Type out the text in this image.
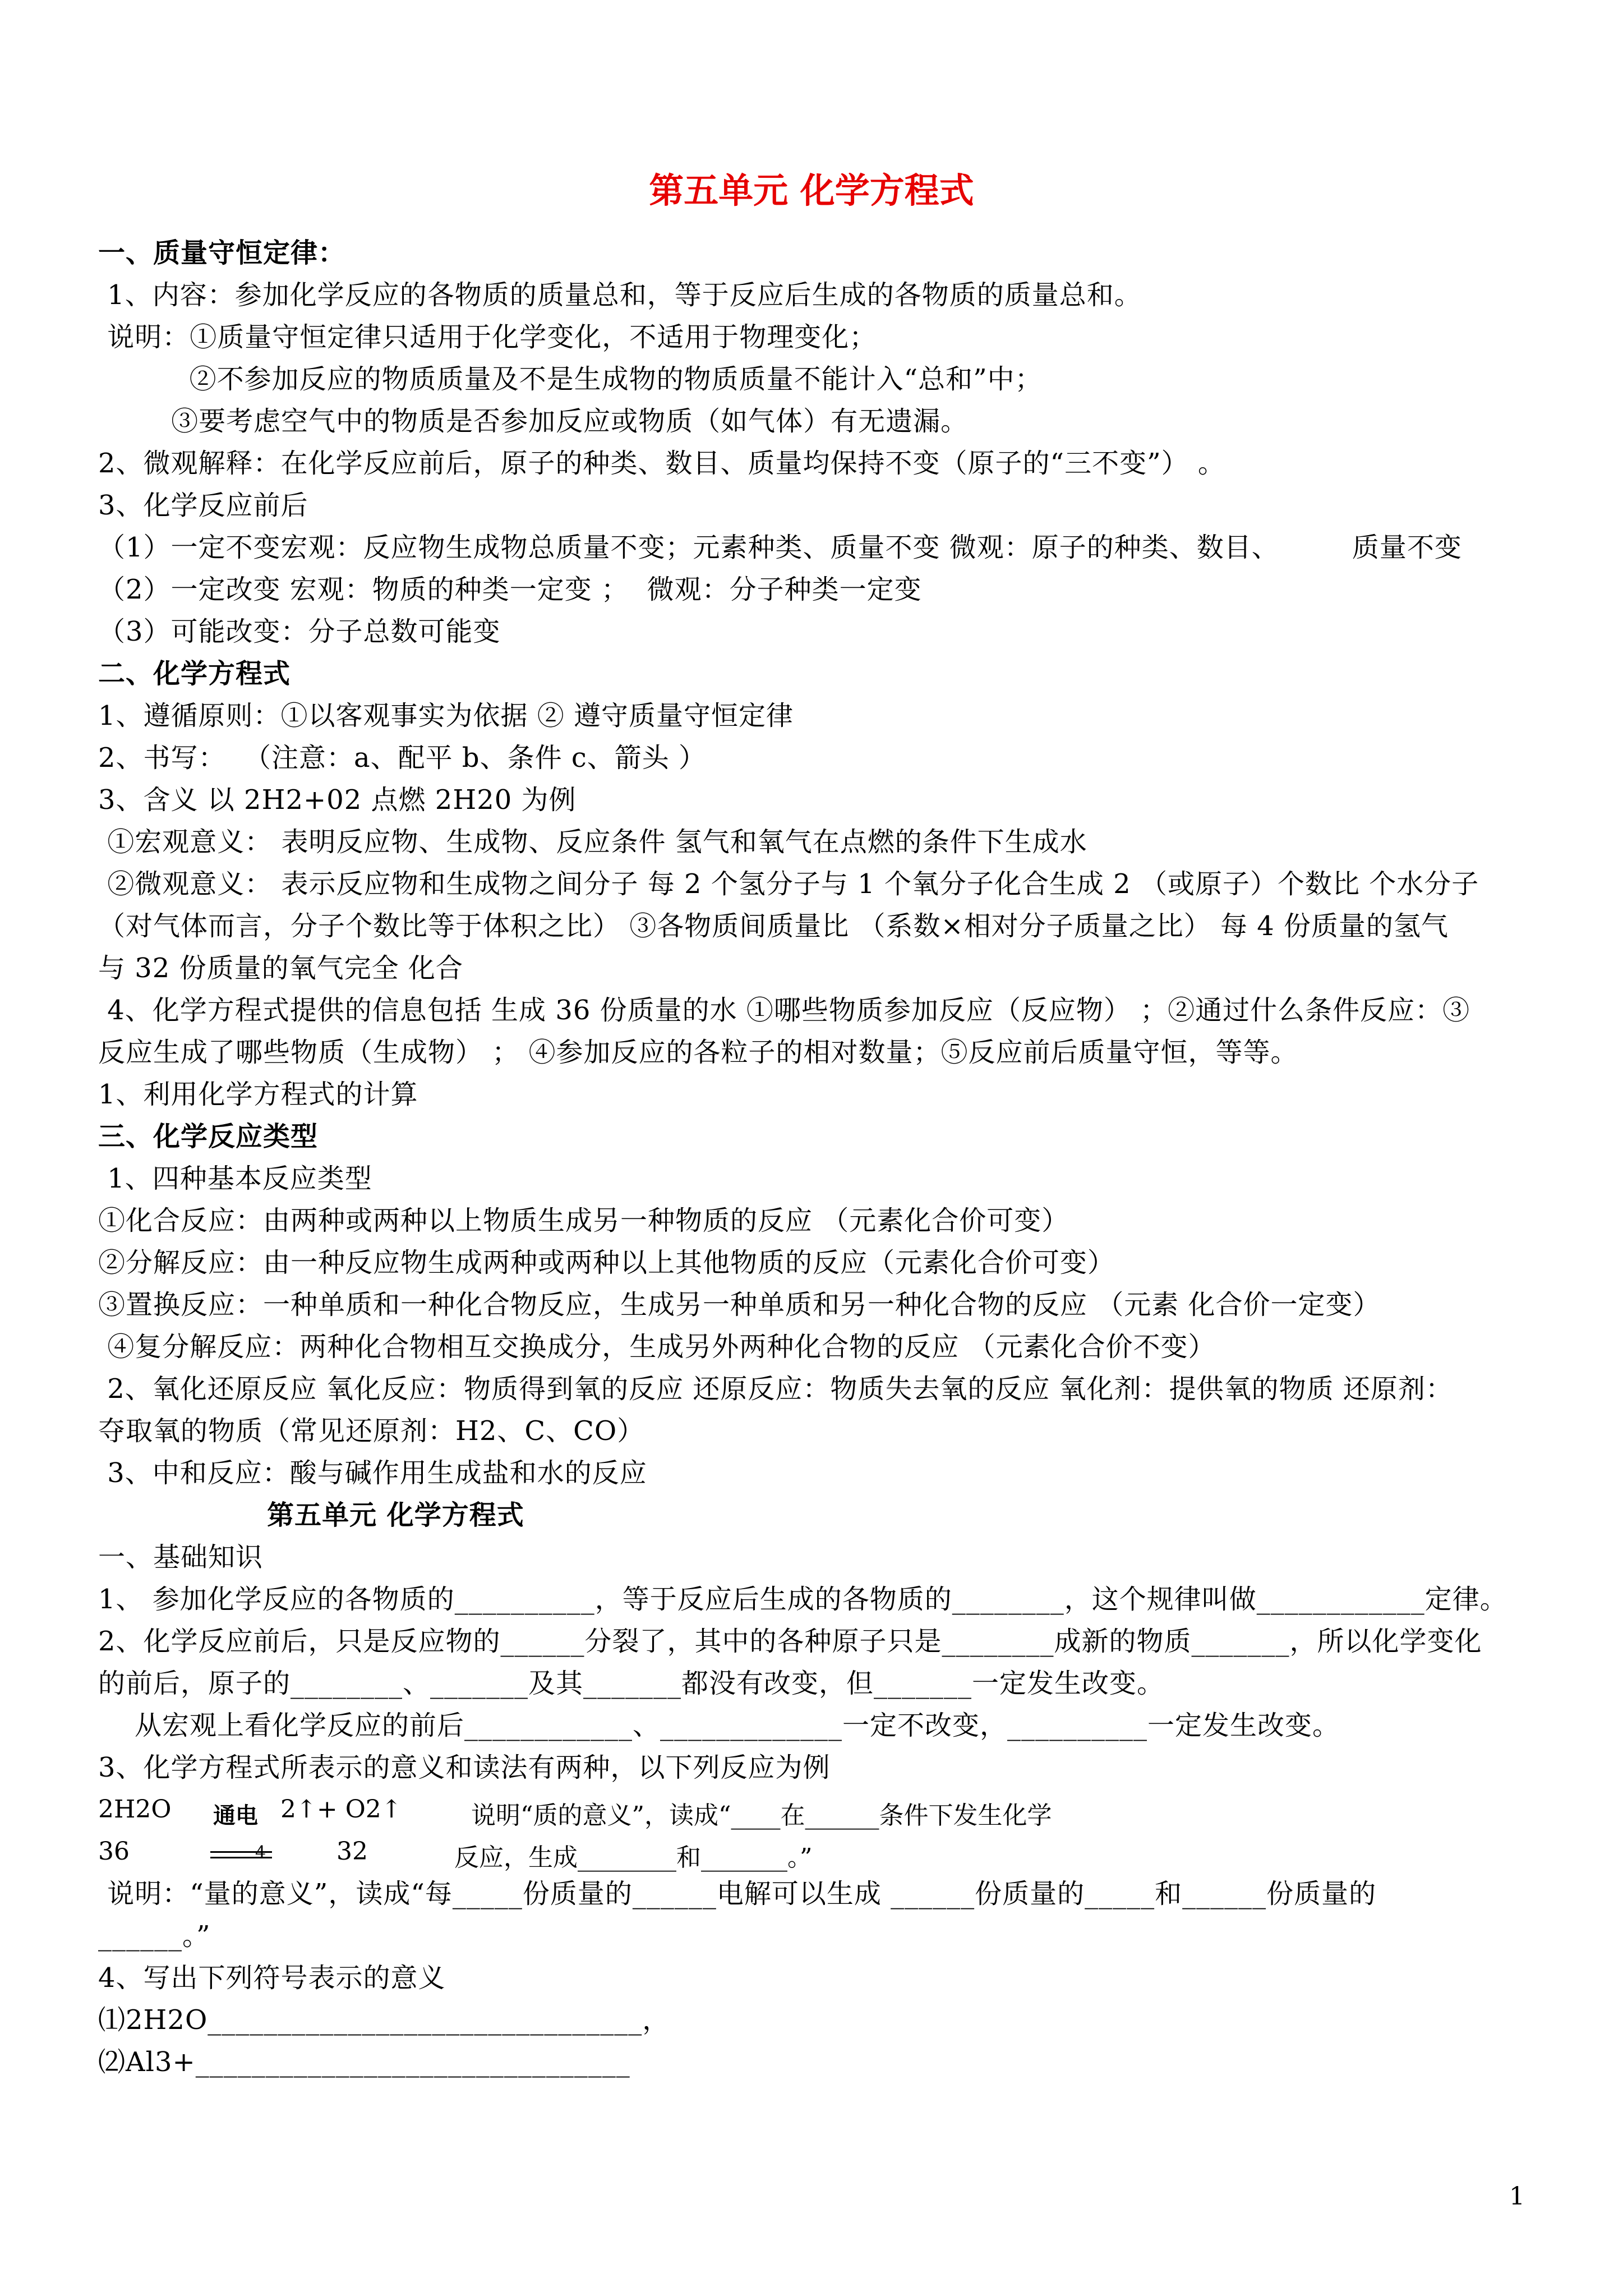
第五单元 化学方程式
一、质量守恒定律：
1、内容：参加化学反应的各物质的质量总和，等于反应后生成的各物质的质量总和。
说明：①质量守恒定律只适用于化学变化，不适用于物理变化；
②不参加反应的物质质量及不是生成物的物质质量不能计入“总和”中；
③要考虑空气中的物质是否参加反应或物质（如气体）有无遗漏。
2、微观解释：在化学反应前后，原子的种类、数目、质量均保持不变（原子的“三不变”） 。
3、化学反应前后
（1）一定不变宏观：反应物生成物总质量不变；元素种类、质量不变 微观：原子的种类、数目、        质量不变
（2）一定改变 宏观：物质的种类一定变 ；  微观：分子种类一定变
（3）可能改变：分子总数可能变
二、化学方程式
1、遵循原则：①以客观事实为依据 ② 遵守质量守恒定律
2、书写：  （注意：a、配平 b、条件 c、箭头 ）
3、含义 以 2H2+02 点燃 2H20 为例
①宏观意义： 表明反应物、生成物、反应条件 氢气和氧气在点燃的条件下生成水
②微观意义： 表示反应物和生成物之间分子 每 2 个氢分子与 1 个氧分子化合生成 2 （或原子）个数比 个水分子
（对气体而言，分子个数比等于体积之比） ③各物质间质量比 （系数×相对分子质量之比） 每 4 份质量的氢气
与 32 份质量的氧气完全 化合
4、化学方程式提供的信息包括 生成 36 份质量的水 ①哪些物质参加反应（反应物） ；②通过什么条件反应：③
反应生成了哪些物质（生成物） ； ④参加反应的各粒子的相对数量；⑤反应前后质量守恒，等等。
1、利用化学方程式的计算
三、化学反应类型
1、四种基本反应类型
①化合反应：由两种或两种以上物质生成另一种物质的反应 （元素化合价可变）
②分解反应：由一种反应物生成两种或两种以上其他物质的反应（元素化合价可变）
③置换反应：一种单质和一种化合物反应，生成另一种单质和另一种化合物的反应 （元素 化合价一定变）
④复分解反应：两种化合物相互交换成分，生成另外两种化合物的反应 （元素化合价不变）
2、氧化还原反应 氧化反应：物质得到氧的反应 还原反应：物质失去氧的反应 氧化剂：提供氧的物质 还原剂：
夺取氧的物质（常见还原剂：H2、C、CO）
3、中和反应：酸与碱作用生成盐和水的反应
第五单元 化学方程式
一、基础知识
1、 参加化学反应的各物质的__________，等于反应后生成的各物质的________，这个规律叫做____________定律。
2、化学反应前后，只是反应物的______分裂了，其中的各种原子只是________成新的物质_______，所以化学变化
的前后，原子的________、_______及其_______都没有改变，但_______一定发生改变。
从宏观上看化学反应的前后____________、_____________一定不改变，__________一定发生改变。
3、化学方程式所表示的意义和读法有两种，以下列反应为例
2H2O 通电 2↑+ O2↑	说明“质的意义”，读成“____在______条件下发生化学
36	4	32	反应，生成________和_______。”
说明：“量的意义”，读成“每_____份质量的______电解可以生成 ______份质量的_____和______份质量的
______。”
4、写出下列符号表示的意义
⑴2H2O_______________________________，
⑵Al3+_______________________________
1
